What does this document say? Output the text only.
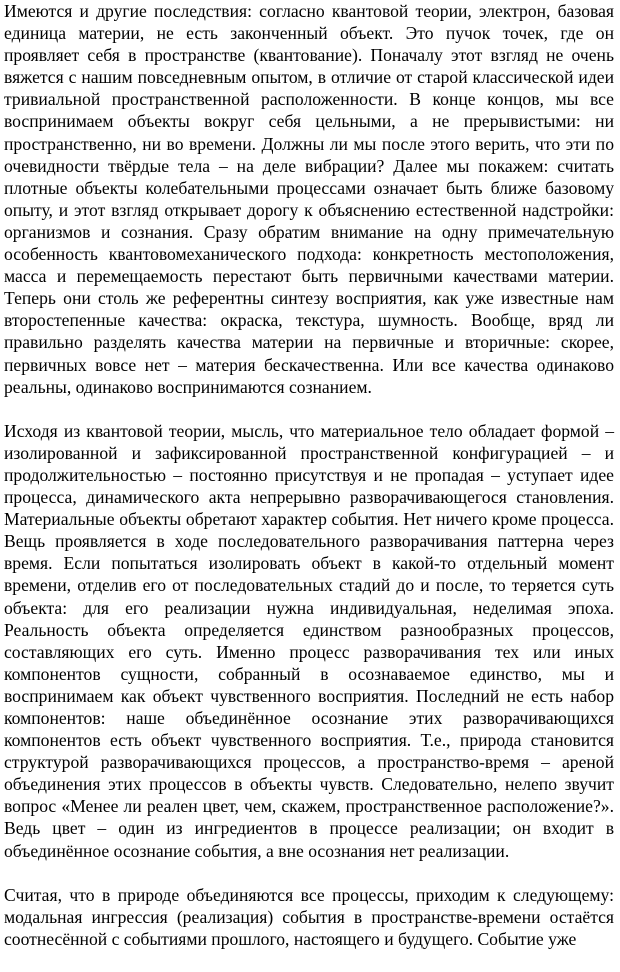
Имеются и другие последствия: согласно квантовой теории, электрон, базовая единица материи, не есть законченный объект. Это пучок точек, где он проявляет себя в пространстве (квантование). Поначалу этот взгляд не очень вяжется с нашим повседневным опытом, в отличие от старой классической идеи тривиальной пространственной расположенности. В конце концов, мы все воспринимаем объекты вокруг себя цельными, а не прерывистыми: ни пространственно, ни во времени. Должны ли мы после этого верить, что эти по очевидности твёрдые тела – на деле вибрации? Далее мы покажем: считать плотные объекты колебательными процессами означает быть ближе базовому опыту, и этот взгляд открывает дорогу к объяснению естественной надстройки: организмов и сознания. Сразу обратим внимание на одну примечательную особенность квантовомеханического подхода: конкретность местоположения, масса и перемещаемость перестают быть первичными качествами материи. Теперь они столь же референтны синтезу восприятия, как уже известные нам второстепенные качества: окраска, текстура, шумность. Вообще, вряд ли правильно разделять качества материи на первичные и вторичные: скорее, первичных вовсе нет – материя бескачественна. Или все качества одинаково реальны, одинаково воспринимаются сознанием.

Исходя из квантовой теории, мысль, что материальное тело обладает формой – изолированной и зафиксированной пространственной конфигурацией – и продолжительностью – постоянно присутствуя и не пропадая – уступает идее процесса, динамического акта непрерывно разворачивающегося становления. Материальные объекты обретают характер события. Нет ничего кроме процесса. Вещь проявляется в ходе последовательного разворачивания паттерна через время. Если попытаться изолировать объект в какой-то отдельный момент времени, отделив его от последовательных стадий до и после, то теряется суть объекта: для его реализации нужна индивидуальная, неделимая эпоха. Реальность объекта определяется единством разнообразных процессов, составляющих его суть. Именно процесс разворачивания тех или иных компонентов сущности, собранный в осознаваемое единство, мы и воспринимаем как объект чувственного восприятия. Последний не есть набор компонентов: наше объединённое осознание этих разворачивающихся компонентов есть объект чувственного восприятия. Т.е., природа становится структурой разворачивающихся процессов, а пространство-время – ареной объединения этих процессов в объекты чувств. Следовательно, нелепо звучит вопрос «Менее ли реален цвет, чем, скажем, пространственное расположение?». Ведь цвет – один из ингредиентов в процессе реализации; он входит в объединённое осознание события, а вне осознания нет реализации.

Считая, что в природе объединяются все процессы, приходим к следующему: модальная ингрессия (реализация) события в пространстве-времени остаётся соотнесённой с событиями прошлого, настоящего и будущего. Событие уже
